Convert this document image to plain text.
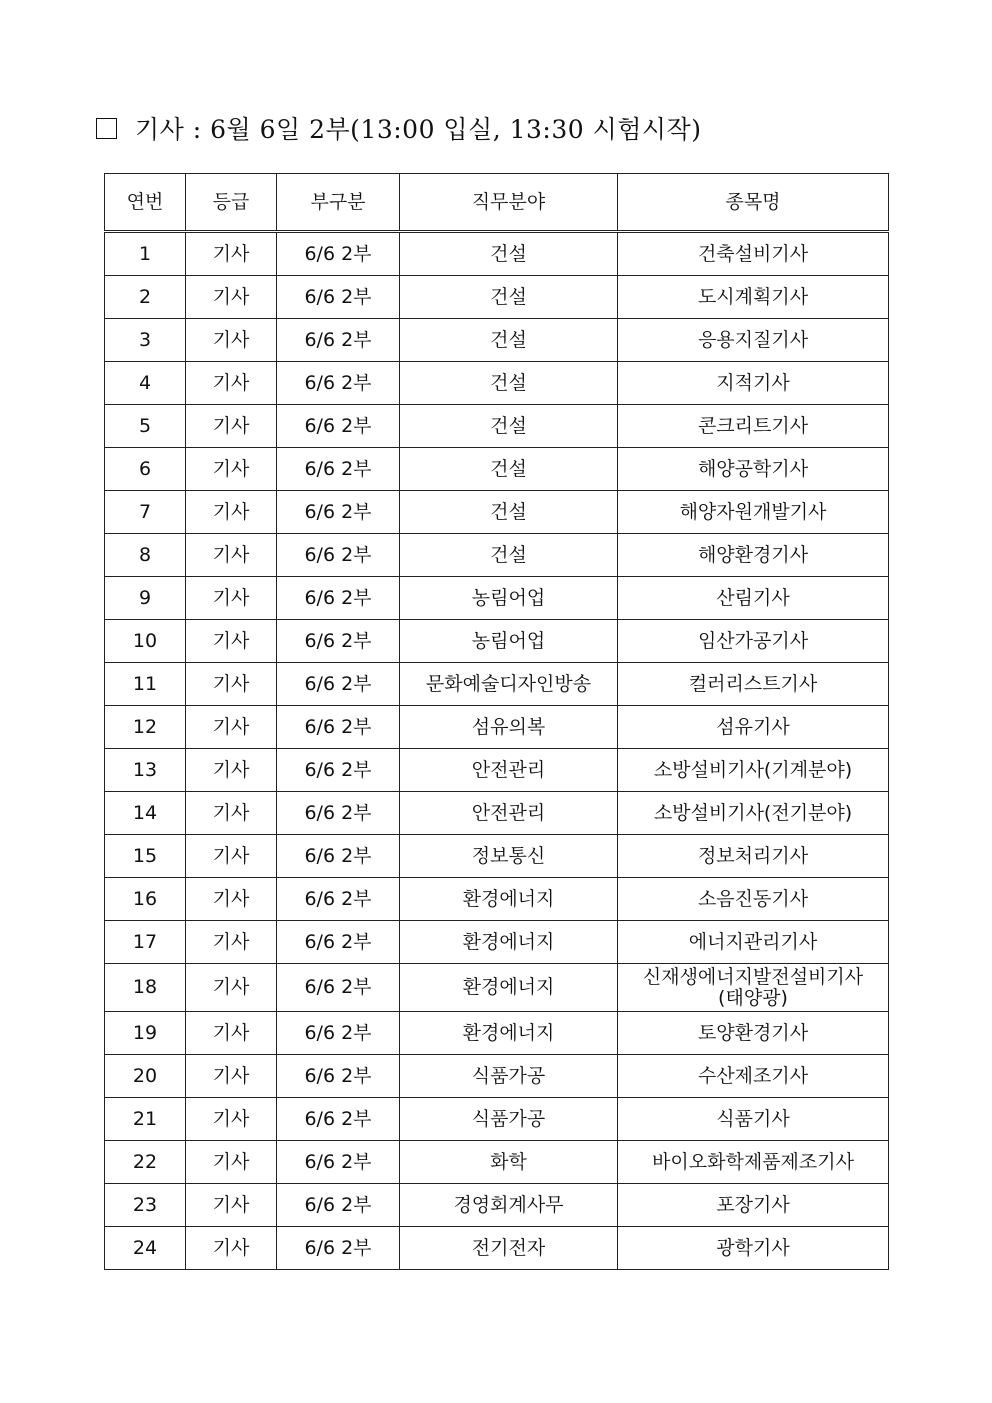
기사 : 6월 6일 2부(13:00 입실, 13:30 시험시작)
연번	등급	부구분	직무분야	종목명
1	기사	6/6 2부	건설	건축설비기사
2	기사	6/6 2부	건설	도시계획기사
3	기사	6/6 2부	건설	응용지질기사
4	기사	6/6 2부	건설	지적기사
5	기사	6/6 2부	건설	콘크리트기사
6	기사	6/6 2부	건설	해양공학기사
7	기사	6/6 2부	건설	해양자원개발기사
8	기사	6/6 2부	건설	해양환경기사
9	기사	6/6 2부	농림어업	산림기사
10	기사	6/6 2부	농림어업	임산가공기사
11	기사	6/6 2부	문화예술디자인방송	컬러리스트기사
12	기사	6/6 2부	섬유의복	섬유기사
13	기사	6/6 2부	안전관리	소방설비기사(기계분야)
14	기사	6/6 2부	안전관리	소방설비기사(전기분야)
15	기사	6/6 2부	정보통신	정보처리기사
16	기사	6/6 2부	환경에너지	소음진동기사
17	기사	6/6 2부	환경에너지	에너지관리기사
18	기사	6/6 2부	환경에너지	신재생에너지발전설비기사(태양광)
19	기사	6/6 2부	환경에너지	토양환경기사
20	기사	6/6 2부	식품가공	수산제조기사
21	기사	6/6 2부	식품가공	식품기사
22	기사	6/6 2부	화학	바이오화학제품제조기사
23	기사	6/6 2부	경영회계사무	포장기사
24	기사	6/6 2부	전기전자	광학기사
